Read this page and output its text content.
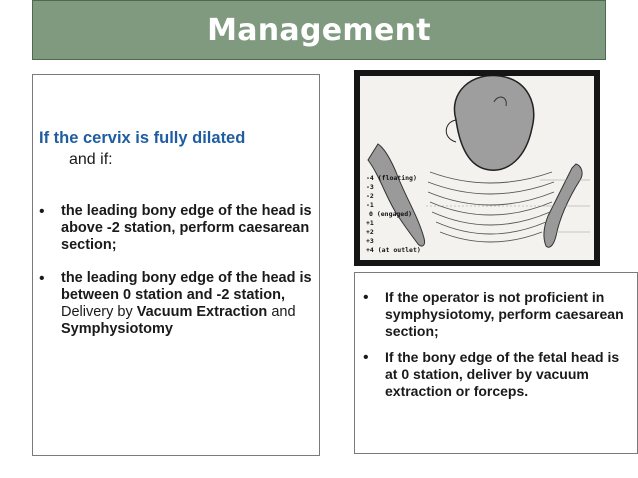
Management
If the cervix is fully dilated
and if:
•	the leading bony edge of the head is above -2 station, perform caesarean section;
•	the leading bony edge of the head is between 0 station and -2 station, Delivery by Vacuum Extraction and Symphysiotomy
-4 (floating)
-3
-2
-1
0 (engaged)
+1
+2
+3
+4 (at outlet)
•	If the operator is not proficient in symphysiotomy, perform caesarean section;
•	If the bony edge of the fetal head is at 0 station, deliver by vacuum extraction or forceps.
